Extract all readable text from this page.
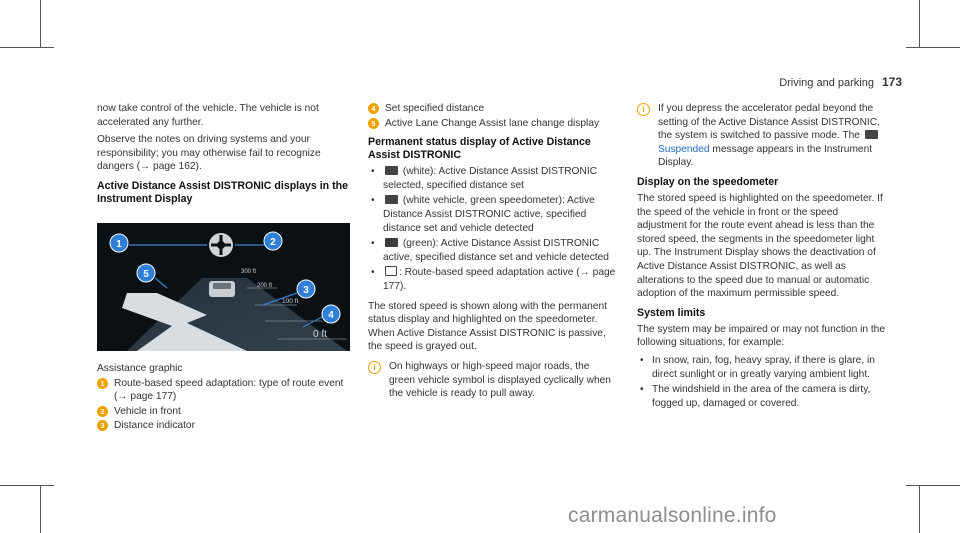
Driving and parking 173

now take control of the vehicle. The vehicle is not accelerated any further.

Observe the notes on driving systems and your responsibility; you may otherwise fail to recognize dangers (→ page 162).

Active Distance Assist DISTRONIC displays in the Instrument Display
1	2
3
4
5	300 ft
200 ft
100 ft
0 ft

Assistance graphic

1 Route-based speed adaptation: type of route event (→ page 177)
2 Vehicle in front
3 Distance indicator
4 Set specified distance
5 Active Lane Change Assist lane change display
Permanent status display of Active Distance Assist DISTRONIC
•	(white): Active Distance Assist DISTRONIC selected, specified distance set
•	(white vehicle, green speedometer): Active Distance Assist DISTRONIC active, specified distance set and vehicle detected
•	(green): Active Distance Assist DISTRONIC active, specified distance set and vehicle detected
•	: Route-based speed adaptation active (→ page 177).

The stored speed is shown along with the permanent status display and highlighted on the speedometer. When Active Distance Assist DISTRONIC is passive, the speed is grayed out.

i	On highways or high-speed major roads, the green vehicle symbol is displayed cyclically when the vehicle is ready to pull away.
i	If you depress the accelerator pedal beyond the setting of the Active Distance Assist DISTRONIC, the system is switched to passive mode. The  Suspended message appears in the Instrument Display.
Display on the speedometer

The stored speed is highlighted on the speedometer. If the speed of the vehicle in front or the speed adjustment for the route event ahead is less than the stored speed, the segments in the speedometer light up. The Instrument Display shows the deactivation of Active Distance Assist DISTRONIC, as well as alterations to the speed due to manual or automatic adoption of the maximum permissible speed.

System limits

The system may be impaired or may not function in the following situations, for example:

• In snow, rain, fog, heavy spray, if there is glare, in direct sunlight or in greatly varying ambient light.
• The windshield in the area of the camera is dirty, fogged up, damaged or covered.
carmanualsonline.info
